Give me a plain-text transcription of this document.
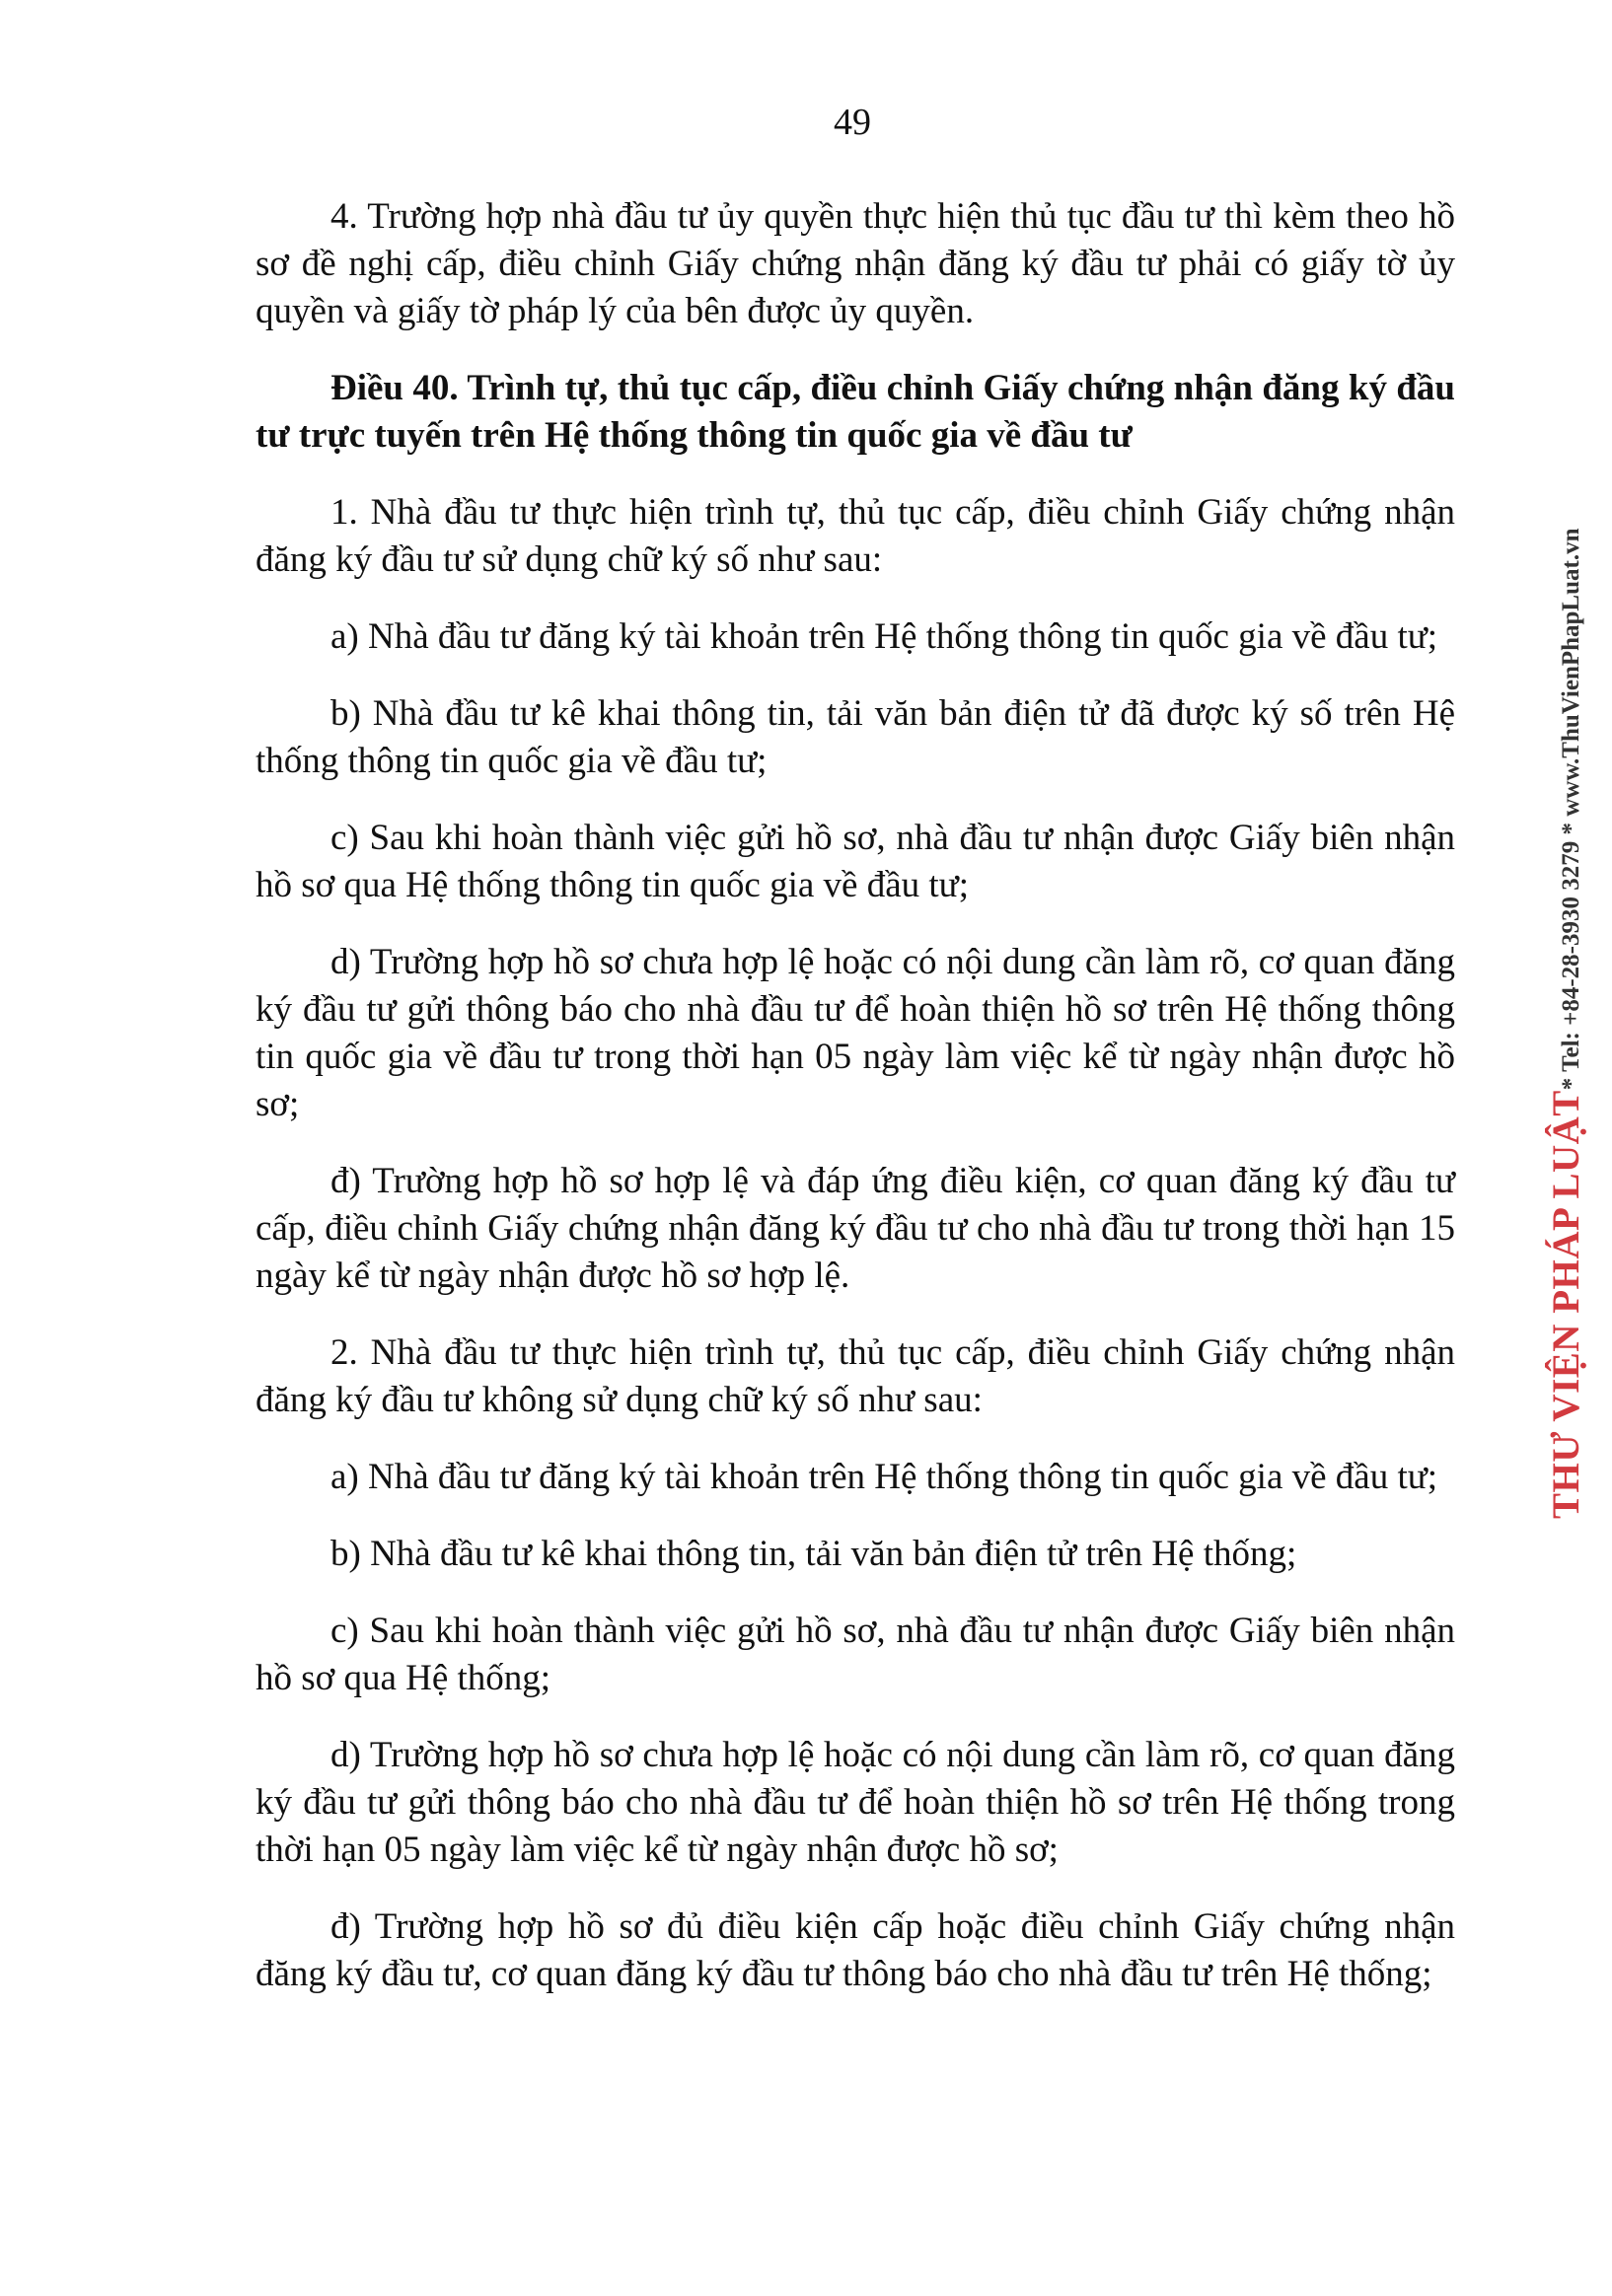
49

4. Trường hợp nhà đầu tư ủy quyền thực hiện thủ tục đầu tư thì kèm theo hồ sơ đề nghị cấp, điều chỉnh Giấy chứng nhận đăng ký đầu tư phải có giấy tờ ủy quyền và giấy tờ pháp lý của bên được ủy quyền.

Điều 40. Trình tự, thủ tục cấp, điều chỉnh Giấy chứng nhận đăng ký đầu tư trực tuyến trên Hệ thống thông tin quốc gia về đầu tư

1. Nhà đầu tư thực hiện trình tự, thủ tục cấp, điều chỉnh Giấy chứng nhận đăng ký đầu tư sử dụng chữ ký số như sau:

a) Nhà đầu tư đăng ký tài khoản trên Hệ thống thông tin quốc gia về đầu tư;

b) Nhà đầu tư kê khai thông tin, tải văn bản điện tử đã được ký số trên Hệ thống thông tin quốc gia về đầu tư;

c) Sau khi hoàn thành việc gửi hồ sơ, nhà đầu tư nhận được Giấy biên nhận hồ sơ qua Hệ thống thông tin quốc gia về đầu tư;

d) Trường hợp hồ sơ chưa hợp lệ hoặc có nội dung cần làm rõ, cơ quan đăng ký đầu tư gửi thông báo cho nhà đầu tư để hoàn thiện hồ sơ trên Hệ thống thông tin quốc gia về đầu tư trong thời hạn 05 ngày làm việc kể từ ngày nhận được hồ sơ;

đ) Trường hợp hồ sơ hợp lệ và đáp ứng điều kiện, cơ quan đăng ký đầu tư cấp, điều chỉnh Giấy chứng nhận đăng ký đầu tư cho nhà đầu tư trong thời hạn 15 ngày kể từ ngày nhận được hồ sơ hợp lệ.

2. Nhà đầu tư thực hiện trình tự, thủ tục cấp, điều chỉnh Giấy chứng nhận đăng ký đầu tư không sử dụng chữ ký số như sau:

a) Nhà đầu tư đăng ký tài khoản trên Hệ thống thông tin quốc gia về đầu tư;

b) Nhà đầu tư kê khai thông tin, tải văn bản điện tử trên Hệ thống;

c) Sau khi hoàn thành việc gửi hồ sơ, nhà đầu tư nhận được Giấy biên nhận hồ sơ qua Hệ thống;

d) Trường hợp hồ sơ chưa hợp lệ hoặc có nội dung cần làm rõ, cơ quan đăng ký đầu tư gửi thông báo cho nhà đầu tư để hoàn thiện hồ sơ trên Hệ thống trong thời hạn 05 ngày làm việc kể từ ngày nhận được hồ sơ;

đ) Trường hợp hồ sơ đủ điều kiện cấp hoặc điều chỉnh Giấy chứng nhận đăng ký đầu tư, cơ quan đăng ký đầu tư thông báo cho nhà đầu tư trên Hệ thống;

THƯ VIỆN PHÁP LUẬT* Tel: +84-28-3930 3279 * www.ThuVienPhapLuat.vn
